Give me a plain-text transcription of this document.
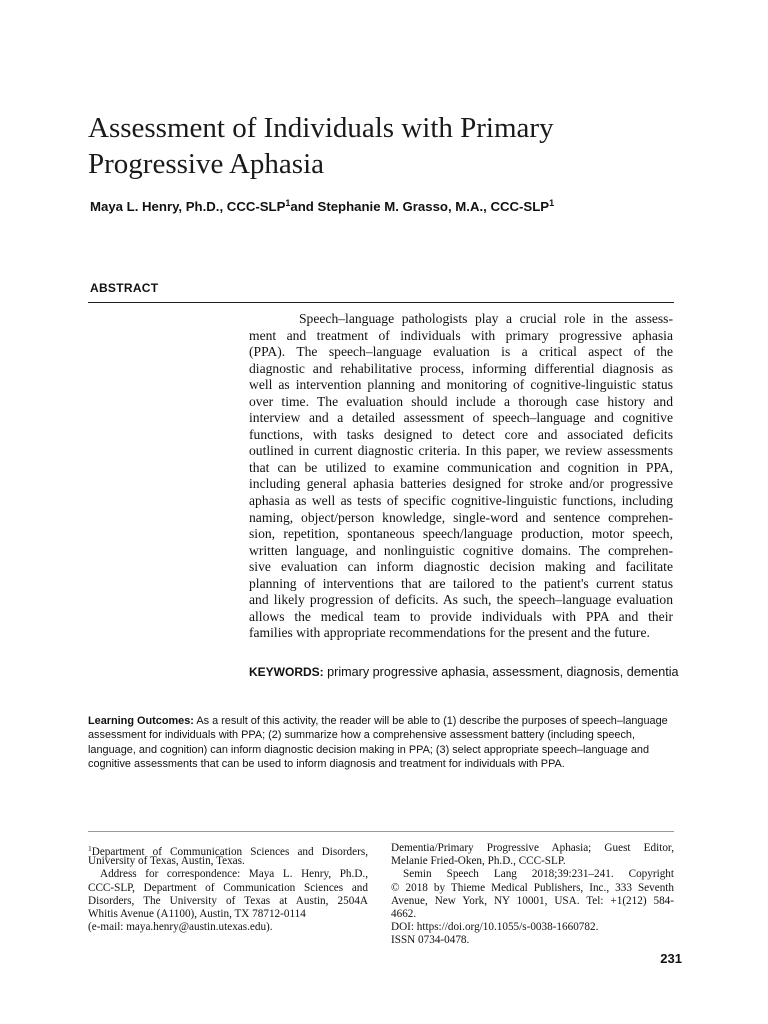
Assessment of Individuals with Primary
Progressive Aphasia
Maya L. Henry, Ph.D., CCC-SLP$^1$and Stephanie M. Grasso, M.A., CCC-SLP$^1$
ABSTRACT
Speech–language pathologists play a crucial role in the assess-
ment and treatment of individuals with primary progressive aphasia
(PPA). The speech–language evaluation is a critical aspect of the
diagnostic and rehabilitative process, informing differential diagnosis as
well as intervention planning and monitoring of cognitive-linguistic status
over time. The evaluation should include a thorough case history and
interview and a detailed assessment of speech–language and cognitive
functions, with tasks designed to detect core and associated deficits
outlined in current diagnostic criteria. In this paper, we review assessments
that can be utilized to examine communication and cognition in PPA,
including general aphasia batteries designed for stroke and/or progressive
aphasia as well as tests of specific cognitive-linguistic functions, including
naming, object/person knowledge, single-word and sentence comprehen-
sion, repetition, spontaneous speech/language production, motor speech,
written language, and nonlinguistic cognitive domains. The comprehen-
sive evaluation can inform diagnostic decision making and facilitate
planning of interventions that are tailored to the patient's current status
and likely progression of deficits. As such, the speech–language evaluation
allows the medical team to provide individuals with PPA and their
families with appropriate recommendations for the present and the future.
KEYWORDS: primary progressive aphasia, assessment, diagnosis, dementia
Learning Outcomes: As a result of this activity, the reader will be able to (1) describe the purposes of speech–language assessment for individuals with PPA; (2) summarize how a comprehensive assessment battery (including speech, language, and cognition) can inform diagnostic decision making in PPA; (3) select appropriate speech–language and cognitive assessments that can be used to inform diagnosis and treatment for individuals with PPA.
$^1$Department of Communication Sciences and Disorders,
University of Texas, Austin, Texas.
Address for correspondence: Maya L. Henry, Ph.D.,
CCC-SLP, Department of Communication Sciences and
Disorders, The University of Texas at Austin, 2504A
Whitis Avenue (A1100), Austin, TX 78712-0114
(e-mail: maya.henry@austin.utexas.edu).
Dementia/Primary Progressive Aphasia; Guest Editor,
Melanie Fried-Oken, Ph.D., CCC-SLP.
Semin Speech Lang 2018;39:231–241. Copyright
© 2018 by Thieme Medical Publishers, Inc., 333 Seventh
Avenue, New York, NY 10001, USA. Tel: +1(212) 584-
4662.
DOI: https://doi.org/10.1055/s-0038-1660782.
ISSN 0734-0478.
231
